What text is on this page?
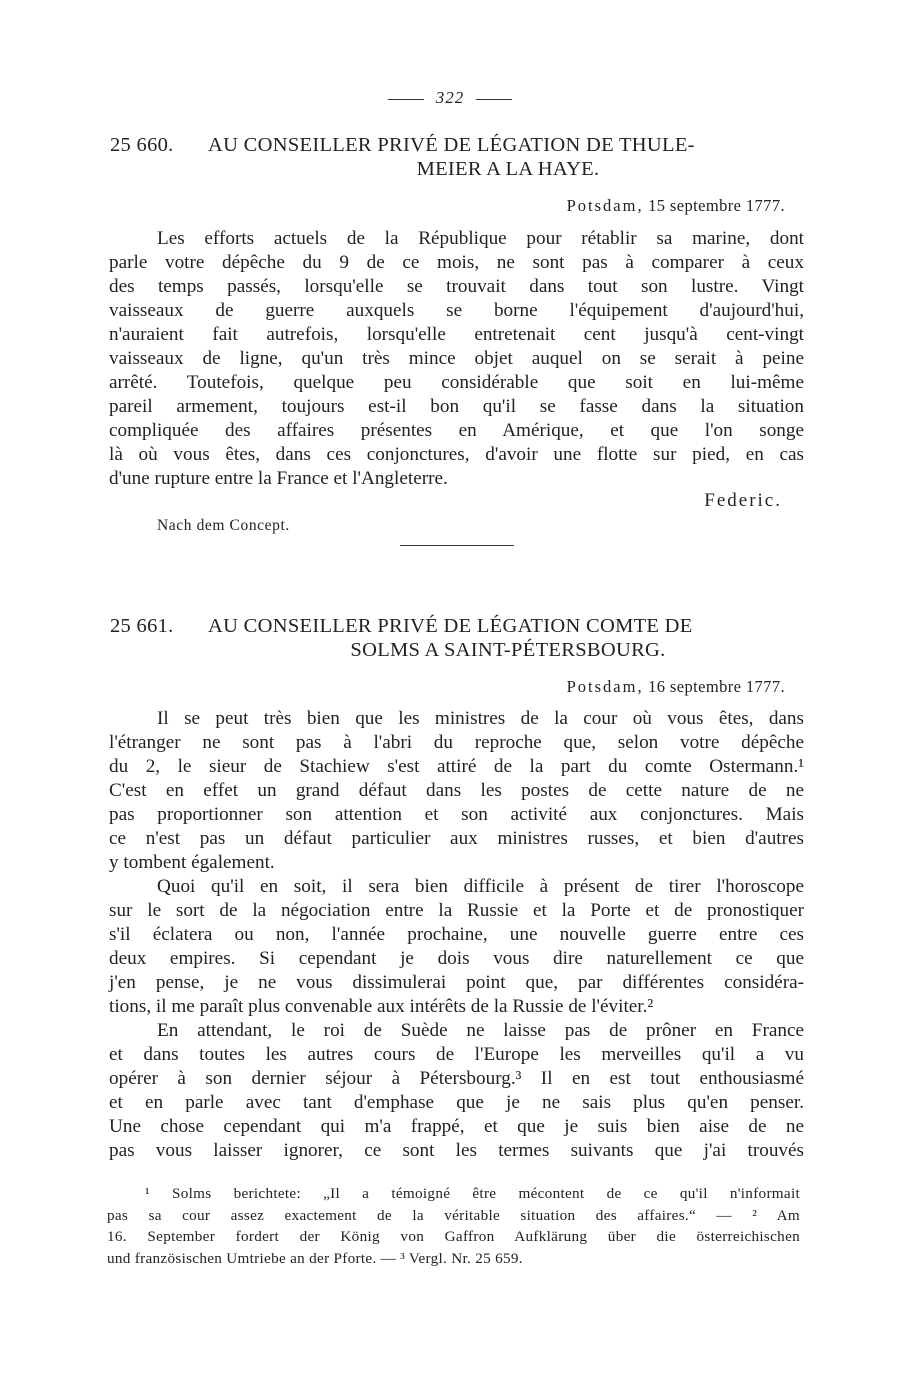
322
25 660. AU CONSEILLER PRIVÉ DE LÉGATION DE THULE-
MEIER A LA HAYE.
Potsdam, 15 septembre 1777.
Les efforts actuels de la République pour rétablir sa marine, dont
parle votre dépêche du 9 de ce mois, ne sont pas à comparer à ceux
des temps passés, lorsqu'elle se trouvait dans tout son lustre. Vingt
vaisseaux de guerre auxquels se borne l'équipement d'aujourd'hui,
n'auraient fait autrefois, lorsqu'elle entretenait cent jusqu'à cent-vingt
vaisseaux de ligne, qu'un très mince objet auquel on se serait à peine
arrêté. Toutefois, quelque peu considérable que soit en lui-même
pareil armement, toujours est-il bon qu'il se fasse dans la situation
compliquée des affaires présentes en Amérique, et que l'on songe
là où vous êtes, dans ces conjonctures, d'avoir une flotte sur pied, en cas
d'une rupture entre la France et l'Angleterre.
Federic.
Nach dem Concept.
25 661. AU CONSEILLER PRIVÉ DE LÉGATION COMTE DE
SOLMS A SAINT-PÉTERSBOURG.
Potsdam, 16 septembre 1777.
Il se peut très bien que les ministres de la cour où vous êtes, dans
l'étranger ne sont pas à l'abri du reproche que, selon votre dépêche
du 2, le sieur de Stachiew s'est attiré de la part du comte Ostermann.¹
C'est en effet un grand défaut dans les postes de cette nature de ne
pas proportionner son attention et son activité aux conjonctures. Mais
ce n'est pas un défaut particulier aux ministres russes, et bien d'autres
y tombent également.
Quoi qu'il en soit, il sera bien difficile à présent de tirer l'horoscope
sur le sort de la négociation entre la Russie et la Porte et de pronostiquer
s'il éclatera ou non, l'année prochaine, une nouvelle guerre entre ces
deux empires. Si cependant je dois vous dire naturellement ce que
j'en pense, je ne vous dissimulerai point que, par différentes considéra-
tions, il me paraît plus convenable aux intérêts de la Russie de l'éviter.²
En attendant, le roi de Suède ne laisse pas de prôner en France
et dans toutes les autres cours de l'Europe les merveilles qu'il a vu
opérer à son dernier séjour à Pétersbourg.³ Il en est tout enthousiasmé
et en parle avec tant d'emphase que je ne sais plus qu'en penser.
Une chose cependant qui m'a frappé, et que je suis bien aise de ne
pas vous laisser ignorer, ce sont les termes suivants que j'ai trouvés
¹ Solms berichtete: „Il a témoigné être mécontent de ce qu'il n'informait
pas sa cour assez exactement de la véritable situation des affaires.“ — ² Am
16. September fordert der König von Gaffron Aufklärung über die österreichischen
und französischen Umtriebe an der Pforte. — ³ Vergl. Nr. 25 659.
